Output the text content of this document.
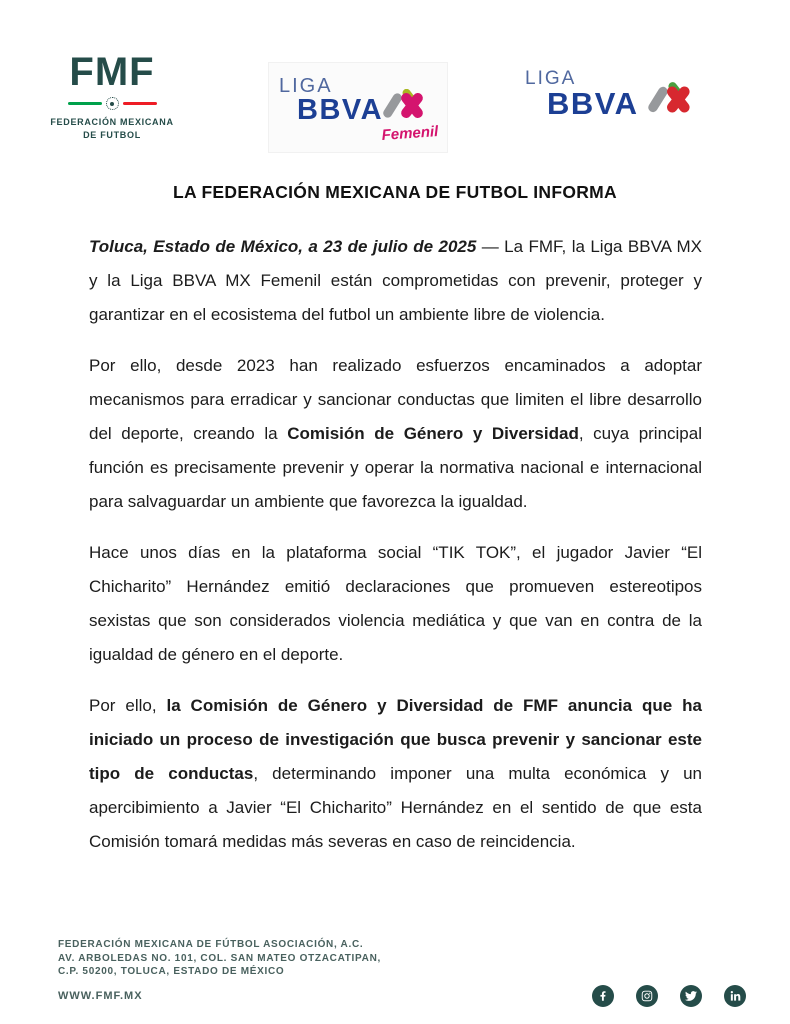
FMF
FEDERACIÓN MEXICANA
DE FUTBOL
LIGA
BBVA
Femenil
LIGA
BBVA
LA FEDERACIÓN MEXICANA DE FUTBOL INFORMA

Toluca, Estado de México, a 23 de julio de 2025 — La FMF, la Liga BBVA MX y la Liga BBVA MX Femenil están comprometidas con prevenir, proteger y garantizar en el ecosistema del futbol un ambiente libre de violencia.

Por ello, desde 2023 han realizado esfuerzos encaminados a adoptar mecanismos para erradicar y sancionar conductas que limiten el libre desarrollo del deporte, creando la Comisión de Género y Diversidad, cuya principal función es precisamente prevenir y operar la normativa nacional e internacional para salvaguardar un ambiente que favorezca la igualdad.

Hace unos días en la plataforma social “TIK TOK”, el jugador Javier “El Chicharito” Hernández emitió declaraciones que promueven estereotipos sexistas que son considerados violencia mediática y que van en contra de la igualdad de género en el deporte.

Por ello, la Comisión de Género y Diversidad de FMF anuncia que ha iniciado un proceso de investigación que busca prevenir y sancionar este tipo de conductas, determinando imponer una multa económica y un apercibimiento a Javier “El Chicharito” Hernández en el sentido de que esta Comisión tomará medidas más severas en caso de reincidencia.

FEDERACIÓN MEXICANA DE FÚTBOL ASOCIACIÓN, A.C.
AV. ARBOLEDAS NO. 101, COL. SAN MATEO OTZACATIPAN,
C.P. 50200, TOLUCA, ESTADO DE MÉXICO
WWW.FMF.MX
